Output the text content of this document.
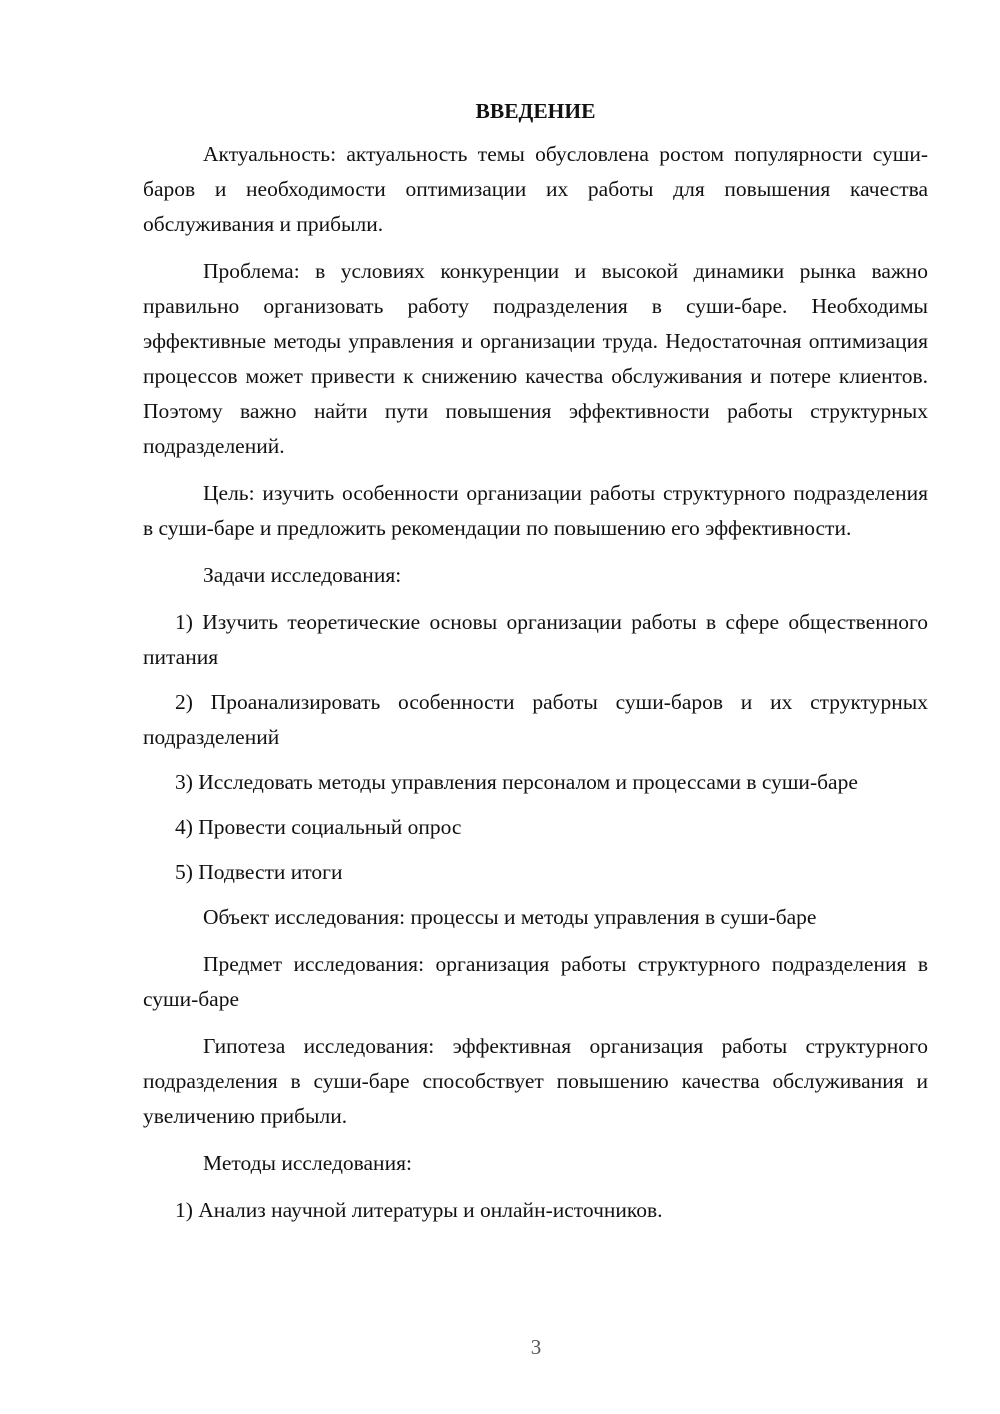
ВВЕДЕНИЕ

Актуальность: актуальность темы обусловлена ростом популярности суши-баров и необходимости оптимизации их работы для повышения качества обслуживания и прибыли.

Проблема: в условиях конкуренции и высокой динамики рынка важно правильно организовать работу подразделения в суши-баре. Необходимы эффективные методы управления и организации труда. Недостаточная оптимизация процессов может привести к снижению качества обслуживания и потере клиентов. Поэтому важно найти пути повышения эффективности работы структурных подразделений.

Цель: изучить особенности организации работы структурного подразделения в суши-баре и предложить рекомендации по повышению его эффективности.

Задачи исследования:

1) Изучить теоретические основы организации работы в сфере общественного питания

2) Проанализировать особенности работы суши-баров и их структурных подразделений

3) Исследовать методы управления персоналом и процессами в суши-баре

4) Провести социальный опрос

5) Подвести итоги

Объект исследования: процессы и методы управления в суши-баре

Предмет исследования: организация работы структурного подразделения в суши-баре

Гипотеза исследования: эффективная организация работы структурного подразделения в суши-баре способствует повышению качества обслуживания и увеличению прибыли.

Методы исследования:

1) Анализ научной литературы и онлайн-источников.

3
